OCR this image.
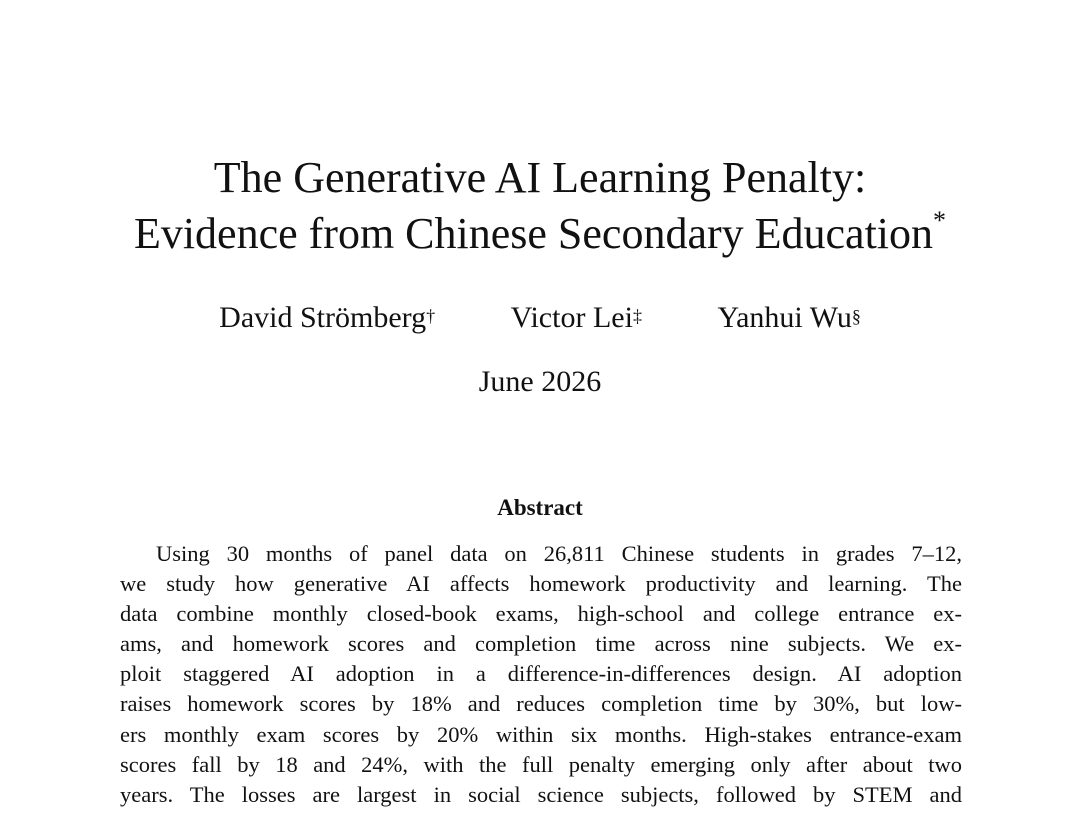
The Generative AI Learning Penalty:
Evidence from Chinese Secondary Education*
David Strömberg†	Victor Lei‡	Yanhui Wu§
June 2026
Abstract
Using 30 months of panel data on 26,811 Chinese students in grades 7–12,
we study how generative AI affects homework productivity and learning. The
data combine monthly closed-book exams, high-school and college entrance ex-
ams, and homework scores and completion time across nine subjects. We ex-
ploit staggered AI adoption in a difference-in-differences design. AI adoption
raises homework scores by 18% and reduces completion time by 30%, but low-
ers monthly exam scores by 20% within six months. High-stakes entrance-exam
scores fall by 18 and 24%, with the full penalty emerging only after about two
years. The losses are largest in social science subjects, followed by STEM and
